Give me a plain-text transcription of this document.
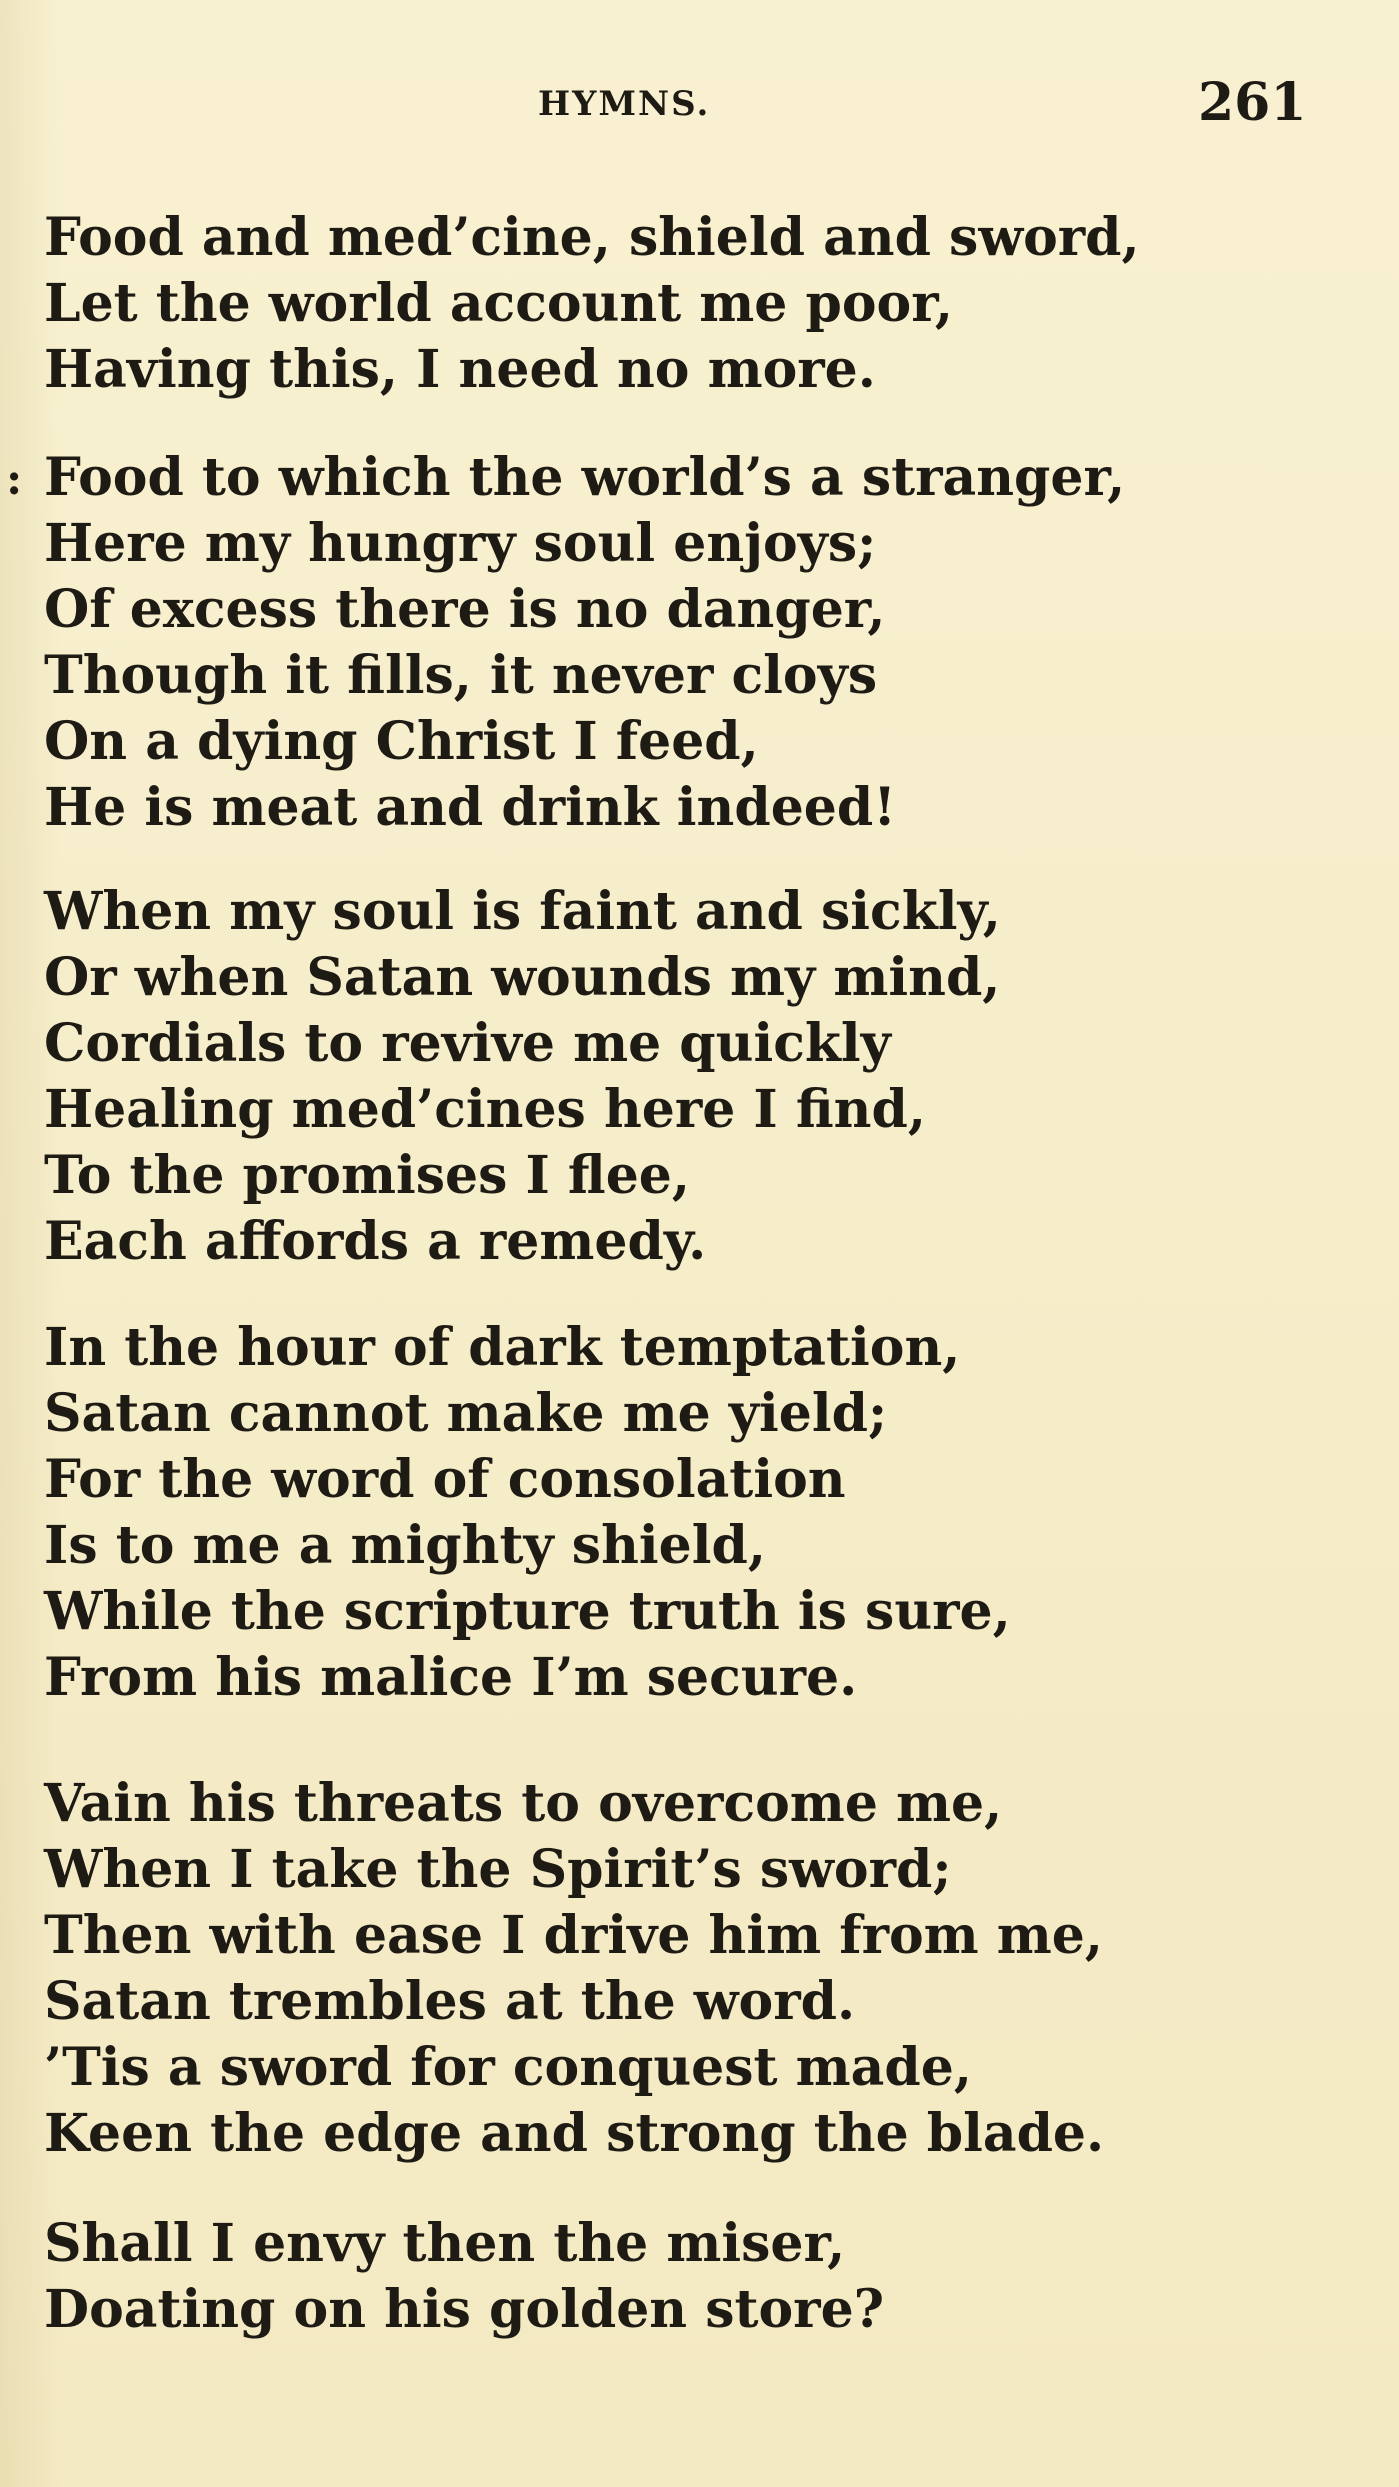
HYMNS.	261
Food and med’cine, shield and sword,
Let the world account me poor,
Having this, I need no more.
: Food to which the world’s a stranger,
Here my hungry soul enjoys;
Of excess there is no danger,
Though it fills, it never cloys
On a dying Christ I feed,
He is meat and drink indeed!
When my soul is faint and sickly,
Or when Satan wounds my mind,
Cordials to revive me quickly
Healing med’cines here I find,
To the promises I flee,
Each affords a remedy.
In the hour of dark temptation,
Satan cannot make me yield;
For the word of consolation
Is to me a mighty shield,
While the scripture truth is sure,
From his malice I’m secure.
Vain his threats to overcome me,
When I take the Spirit’s sword;
Then with ease I drive him from me,
Satan trembles at the word.
’Tis a sword for conquest made,
Keen the edge and strong the blade.
Shall I envy then the miser,
Doating on his golden store?
